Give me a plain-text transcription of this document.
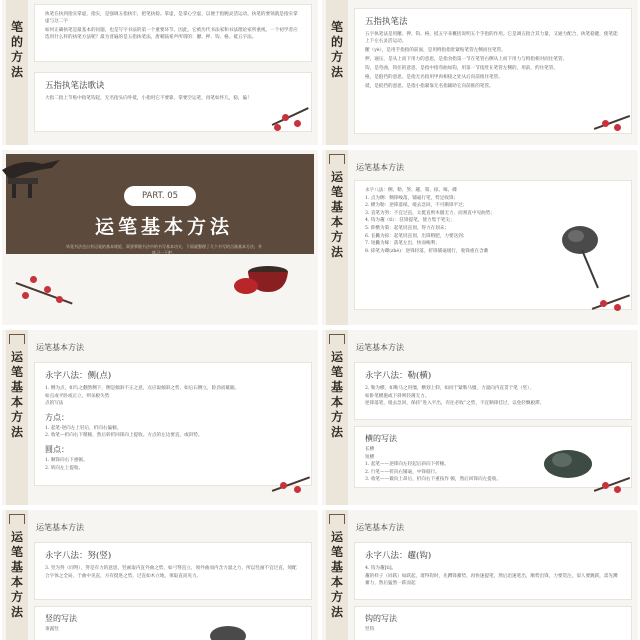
笔的方法

执笔在执到指实掌虚，指实，是强调五指执牢，把笔执稳。掌虚，是掌心空虚，以便于指腕灵活运动。执笔的要领就是指实掌虚与这二字

如何正确执笔是最基本的问题，也是写字书法的第一个重要环节。因此，它被历代书法家和书法理论家所重视。一个初学者应选用什么样的执笔方法呢？最为普遍的是五指执笔法，唐朝陆希声所谓的：擫、押、钩、格、抵五字法。

五指执笔法歌诀

大指二指上节贴中指笔钩起，无名指头向外抵，小指用它不要靠，掌要空运笔，再笔如怀儿，稳，偏！

笔的方法
五指执笔法

五字执笔法是用擫、押、钩、格、抵五字来概括说明五个手指的作用。它是调五指合其力量，又通力配合，执笔稳健，使笔能上下左右灵活运动。

擫（yè），是用手指指的前面，是用拇指指肚紧贴笔管左侧而往笔管。

押，通压，是从上而下用力的意思，是指食指第一节在笔管右侧从上而下用力与拇指相对而往笔管。

钩，是弯曲，钩住的意思，是指中指弯曲如钩，用第一节指肚在笔管左侧的，用前，约住笔管。

格，是阻挡的意思，是指无名指用甲肉相接之处从后向前推住笔管。

抵，是抵挡的意思，是指小指紧靠无名指辅助它向前推的笔管。

PART. 05
运笔基本方法
毕竟书法也自有运笔的基本规矩，需要掌握书法中的书写基本功夫，下面就整理了几个书写的点画基本方法，并练习一下吧。
运笔基本方法
运笔基本方法

永字八法：侧、勒、努、趯、策、掠、啄、磔

1. 点为侧：侧锋峻落，铺毫行笔，势足收锋；

2. 横为勒：逆锋落纸，缓去急回，不可顺锋平过；

3. 直笔为努：不宜过直，太挺直则木僵无力，而须直中见曲势；

4. 钩为趯（tì）：驻锋提笔，使力集于笔尖；

5. 仰横为策：起笔同直划，得力在划末；

6. 长撇为掠：起笔同直划，出锋稍肥，力要送到；

7. 短撇为啄：落笔左出，快而峻利；

8. 捺笔为磔(zhé)：逆锋轻落，折锋铺毫缓行，收锋重在含蓄

运笔基本方法
运笔基本方法
永字八法：侧(点)

1. 侧为点，如鸟之翻然侧下，侧是倾斜不正之意，点应取倾斜之势，如后石侧立，险劲而雄踞。

如点成平卧或正立，则呆板失势

点的写法

方点：

1. 起笔-逆向左上轻后，折向右偏顿。

2. 收笔—折向右下稍顿，然后转折回锋向上提收。方点的左边要直，或斜势。

圆点：

1. 顺锋向右下重顿。

2. 转向左上提收。

运笔基本方法
运笔基本方法
永字八法：勒(横)

2. 勒为横，如勒马之用缰，横划上仰，如同于紧勒马缰，力量向内直贯于笔（竖），

如卧笔横施或下斜则轻薄无力。

逆锋落笔，缓去急回，保持“进入平出，有往必收”之势，不宜顺锋挂过，以免轻飘板滞。

横的写法

长横

短横

1. 起笔——逆锋向左轻起后斜向下折顿。

2. 行笔——折向右铺毫，中锋稳行。

3. 收笔——微向上昂后，折向右下重按作 顿，然后回锋向左提收。

运笔基本方法
运笔基本方法
永字八法：努(竖)

3. 竖为努（同弩），努是有力的意思，竖画取内直外曲之势，如弓弩直立，须外曲而内含力量之力，所以竖画不宜过直，须配合字体之全局，于曲中见直，方有挺进之势，过直如木立地，须取直而见力。

竖的写法

垂露竖

运笔基本方法
运笔基本方法
永字八法：趯(钩)

4. 钩为趯[tì]。

趯的样子（同跃）如跃起，诸得钩时，先蹲锋蓄势，再快速提笔，然后迅速笔出，顺势出锋，力要贯注，似人要跳跃，需先蹲蓄力，然后猛然一跃而起

钩的写法

竖钩
